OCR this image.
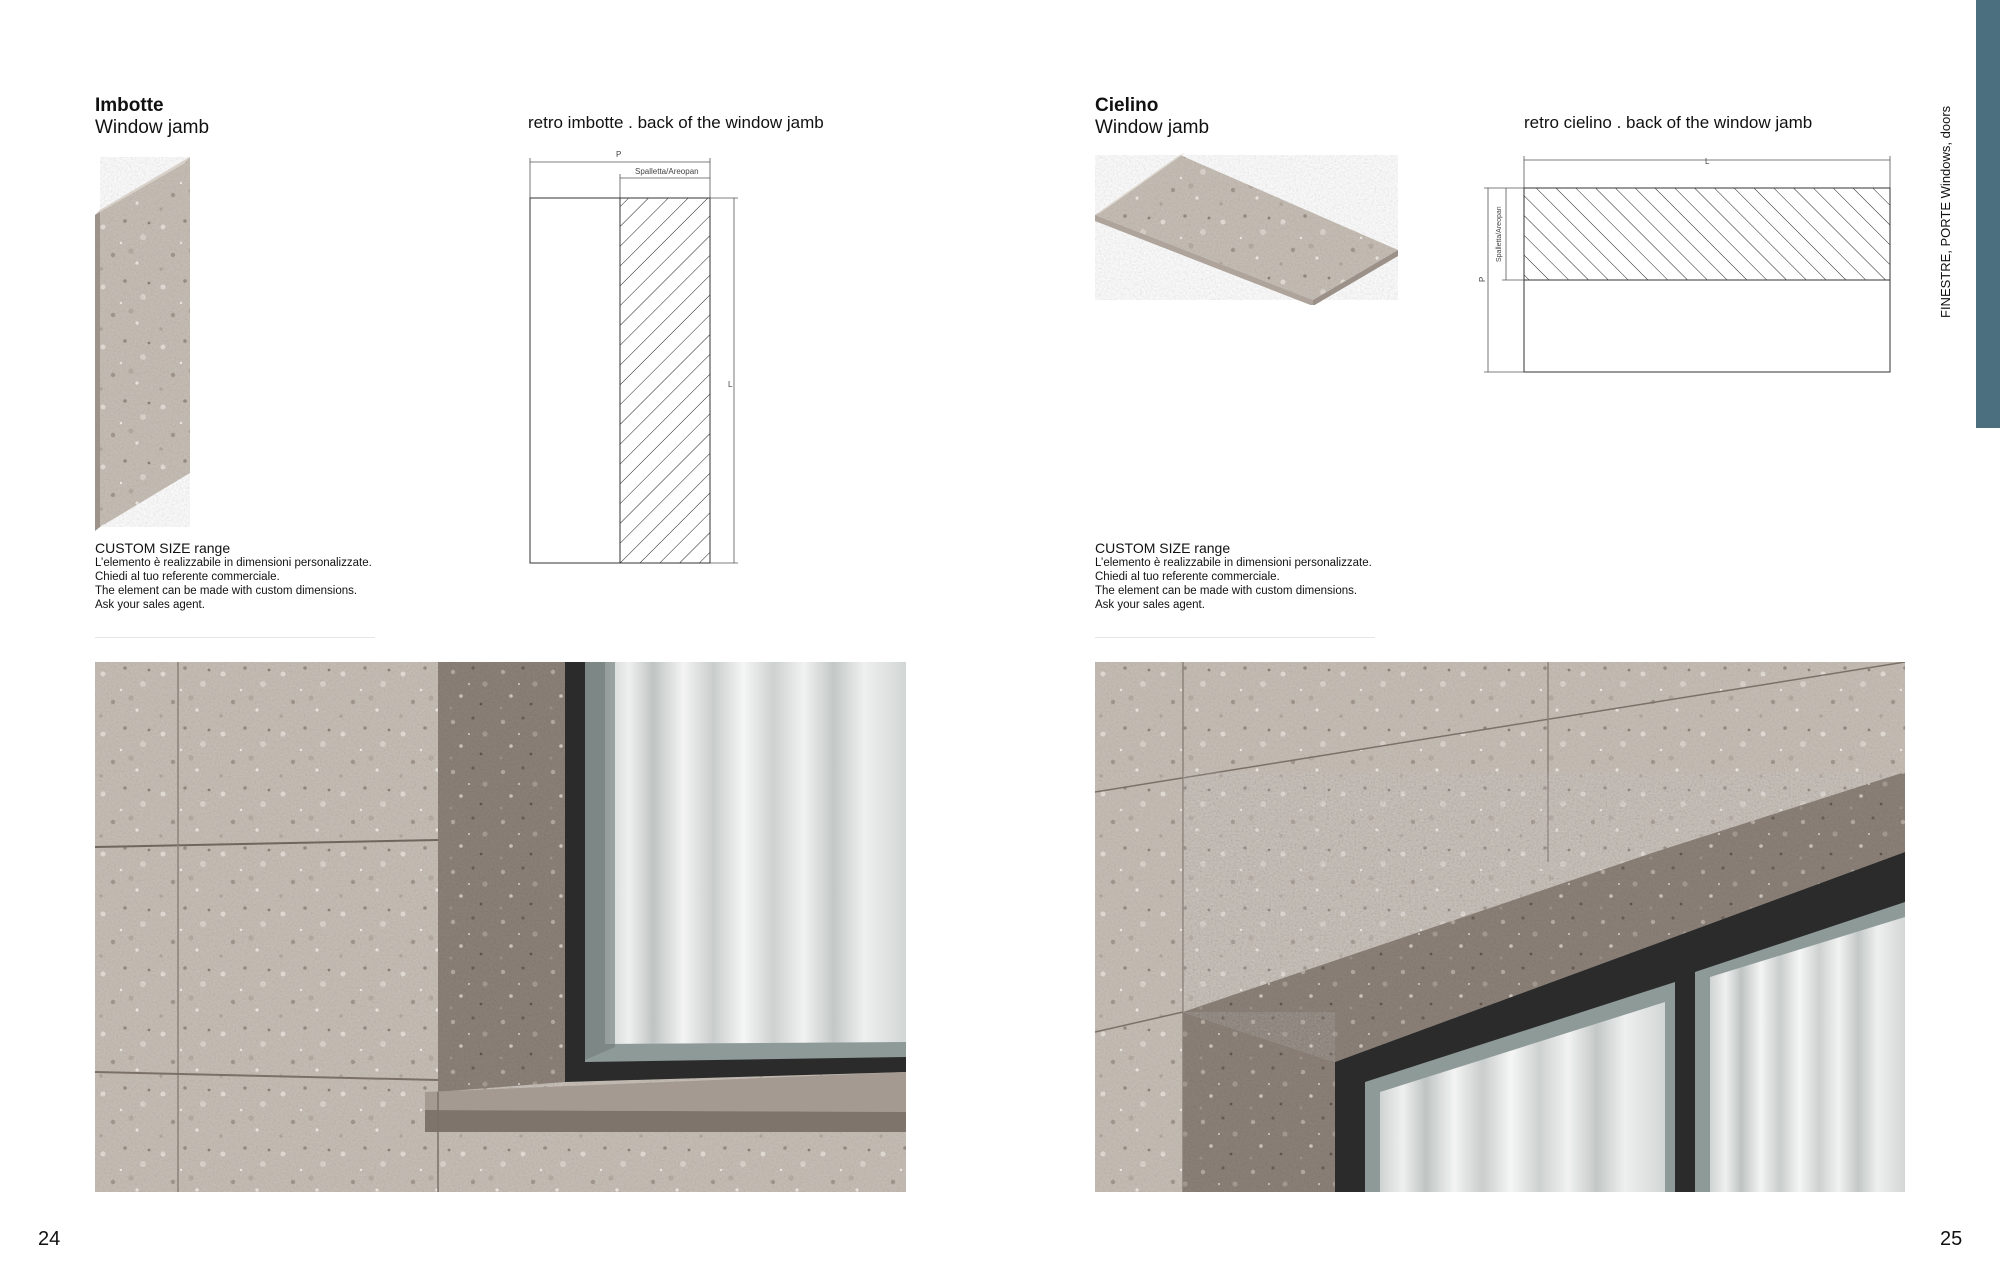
Imbotte
Window jamb	retro imbotte . back of the window jamb
P
Spalletta/Areopan
L
CUSTOM SIZE range
L’elemento è realizzabile in dimensioni personalizzate.
Chiedi al tuo referente commerciale.
The element can be made with custom dimensions.
Ask your sales agent.
24
Cielino
Window jamb	retro cielino . back of the window jamb
L
P
Spalletta/Areopan
CUSTOM SIZE range
L’elemento è realizzabile in dimensioni personalizzate.
Chiedi al tuo referente commerciale.
The element can be made with custom dimensions.
Ask your sales agent.
25
FINESTRE, PORTE Windows, doors
